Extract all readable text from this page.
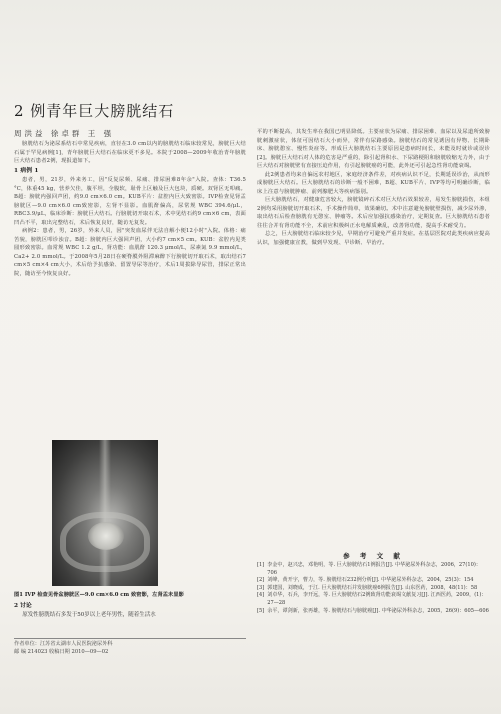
2 例青年巨大膀胱结石
周洪益 徐卓群 王 强

膀胱结石为泌尿系结石中常见疾病，直径在3.0 cm以内的膀胱结石临床较常见，膀胱巨大结石属于罕见病例[1]，青年膀胱巨大结石在临床更不多见。本院于2008—2009年收治青年膀胱巨大结石患者2例，现报道如下。

1 病例 1

患者，男，21岁，外来务工，因"反复尿频、尿痛、排尿困难8年余"入院。查体：T36.5 °C，体重45 kg，营养欠佳，腹平坦，全腹软，耻骨上区触及巨大包块，质硬。双肾区无叩痛。B超：膀胱内强回声团，约9.0 cm×6.0 cm。KUB平片：盆腔内巨大致密影。IVP检查见肾盂膀胱区—9.0 cm×6.0 cm致密影，左肾不显影。血肌酐偏高，尿常规 WBC 394.6/μL，RBC3.9/μL，临床诊断：膀胱巨大结石。行膀胱切开取石术，术中见结石约9 cm×6 cm，表面凹凸不平，取出完整结石，术后恢复良好，随访无复发。

病例2：患者，男，26岁，外来人员，因"突发血尿伴无法自解小便12小时"入院。体格：痛苦貌，膀胱区叩诊浊音。B超：膀胱内巨大强回声团，大小约7 cm×5 cm。KUB：盆腔内见类圆形致密影。血常规 WBC 1.2 g/L，肾功能：血肌酐 120.3 μmol/L，尿素氮 9.9 mmol/L，Ca2+ 2.0 mmol/L。于2008年5月28日在硬脊膜外阻滞麻醉下行膀胱切开取石术，取出结石7 cm×5 cm×4 cm大小，术后给予抗感染、留置导尿等治疗，术后1周拔除导尿管，排尿正常出院，随访至今恢复良好。

图1 IVP 检查见骨盆膀胱区—9.0 cm×6.0 cm 致密影，左肾盂未显影
2 讨论

原发性膀胱结石多发于50岁以上老年男性，随着生活水

作者单位：江苏省太湖市人民医院泌尿外科
邮 编 214023 收稿日期 2010—09—02

平的不断提高，其发生率在我国已明显降低。主要症状为尿痛、排尿困难、血尿以及尿道所致膀胱刺激症状，体征可因结石大小而异，常伴有尿路感染。膀胱结石的常见诱因有异物、长期卧床、膀胱憩室、慢性炎症等。形成巨大膀胱结石主要原因是患病时间长，未能及时就诊或误诊[2]。膀胱巨大结石对人体的危害是严重的，除引起肾积水、下尿路梗阻和膀胱收缩无力外，由于巨大结石对膀胱壁有直接压迫作用，有引起膀胱癌的可能，此外还可引起急性肾功能衰竭。

此2例患者均来自偏远农村地区，家庭经济条件差，对疾病认识不足，长期延误诊治，从而形成膀胱巨大结石。巨大膀胱结石的诊断一般不困难，B超、KUB平片、IVP等均可明确诊断，临床上注意与膀胱肿瘤、前列腺肥大等疾病鉴别。

巨大膀胱结石，对健康危害较大，膀胱镜碎石术对巨大结石效果较差，易发生膀胱损伤，本组2例均采用膀胱切开取石术，手术操作简单，效果确切。术中注意避免膀胱壁损伤，减少尿外渗，取出结石后检查膀胱有无憩室、肿瘤等。术后应加强抗感染治疗，定期复查。巨大膀胱结石患者往往合并有肾功能不全，术前应积极纠正水电解质紊乱，改善肾功能，提高手术耐受力。

总之，巨大膀胱结石临床较少见，早期治疗可避免严重并发症。在基层医院对此类疾病应提高认识，加强健康宣教，做到早发现、早诊断、早治疗。

参 考 文 献
[1] 李金中，赵兴忠，邓艳明，等. 巨大膀胱结石1例报告[J]. 中华泌尿外科杂志，2006，27(10)：706
[2] 刘峰，黄开宇，曹力，等. 膀胱结石232例分析[J]. 中华泌尿外科杂志，2004，25(3)：154
[3] 郭建国，刘晓成，于江. 巨大膀胱结石并发膀胱癌6例报告[J]. 山东医药，2008，48(11)：58
[4] 刘卓华，石兵，李开远，等. 巨大膀胱结石2例致肾功能衰竭文献复习[J]. 江西医药，2009，(1)：27—28
[5] 余平，谭剑新，张再雄，等. 膀胱结石与膀胱癌[J]. 中华泌尿外科杂志，2005，26(9)：605—606
